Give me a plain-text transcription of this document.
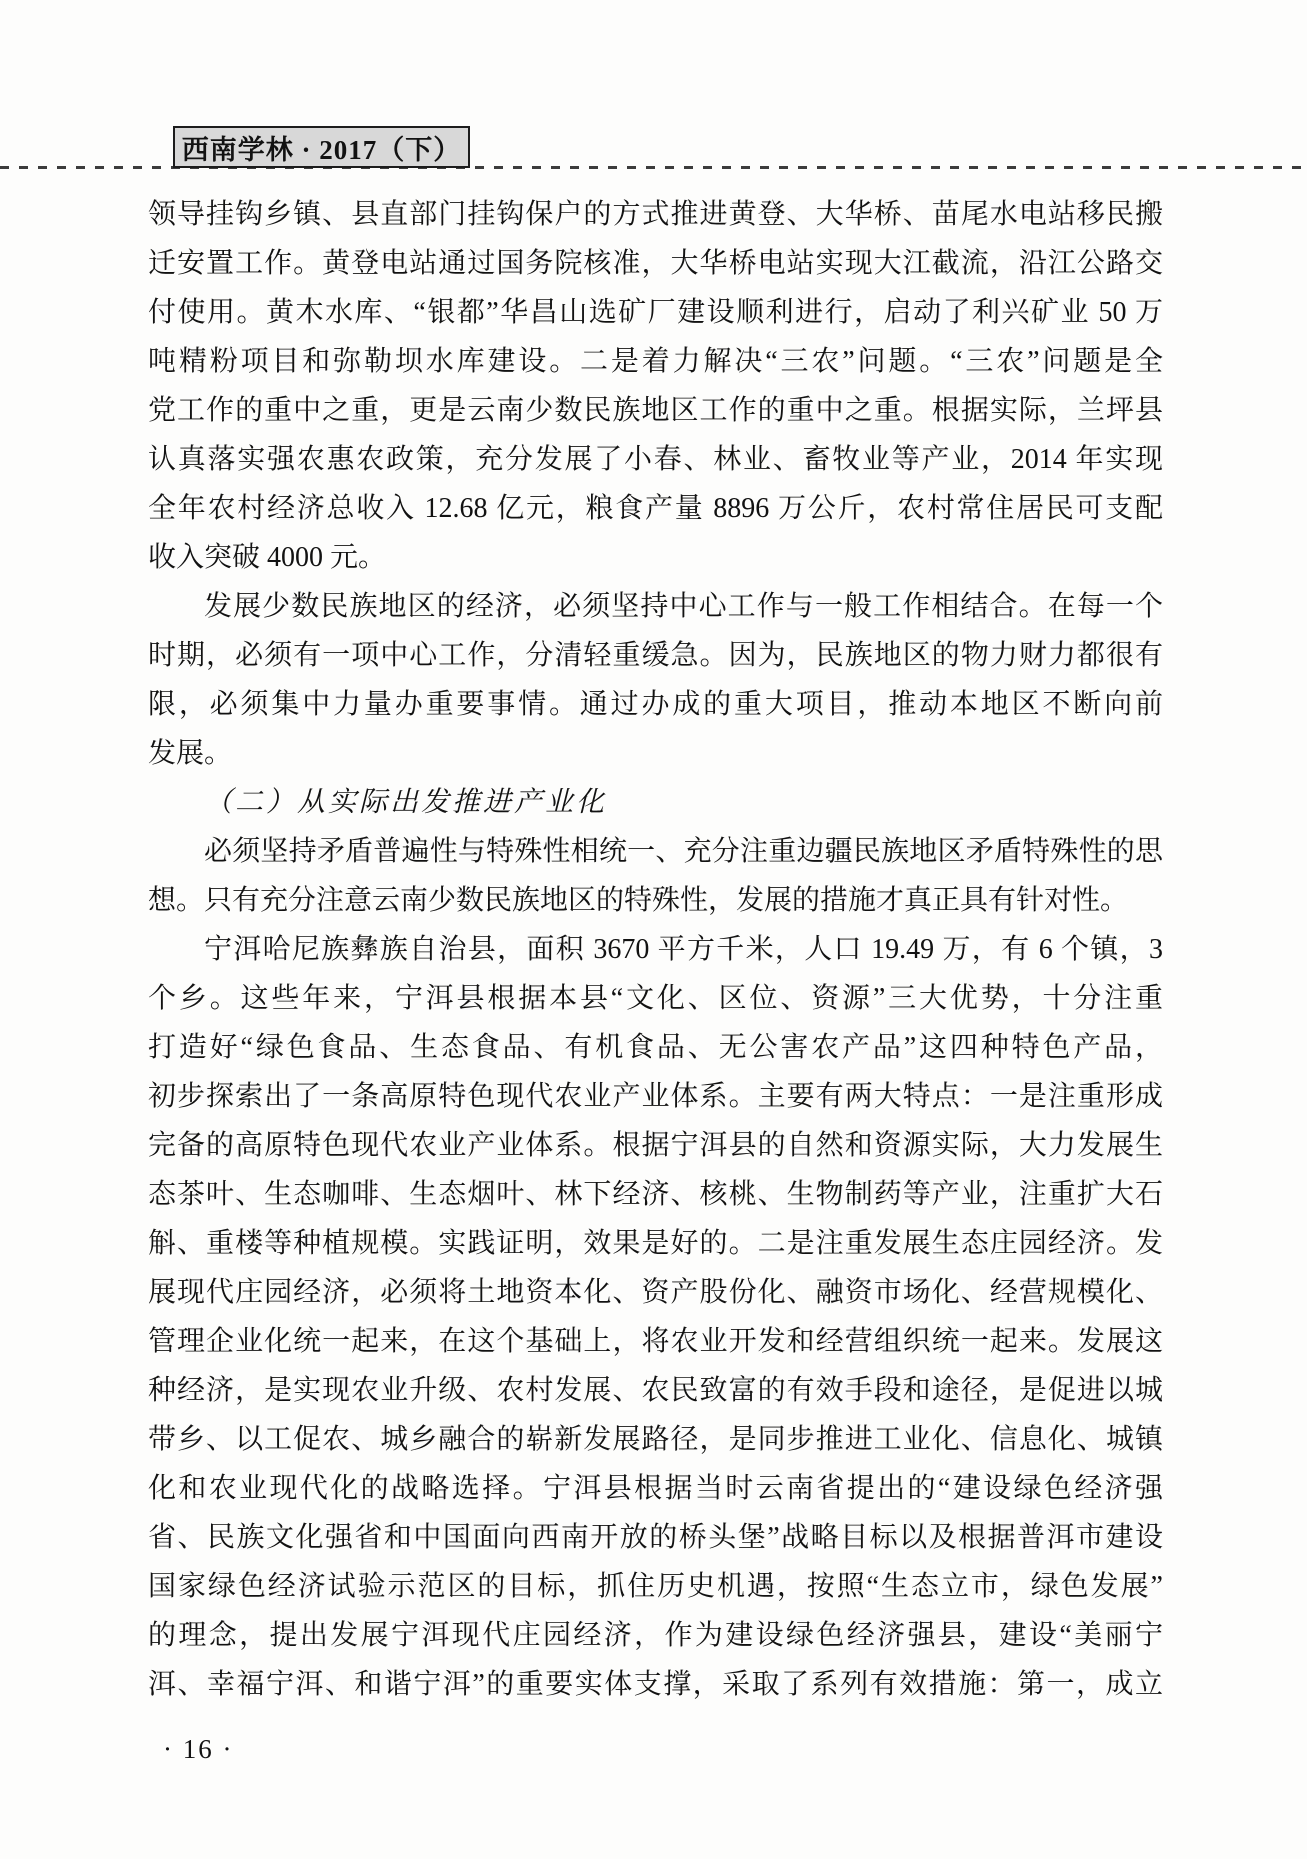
西南学林 · 2017（下）
领导挂钩乡镇、县直部门挂钩保户的方式推进黄登、大华桥、苗尾水电站移民搬
迁安置工作。黄登电站通过国务院核准，大华桥电站实现大江截流，沿江公路交
付使用。黄木水库、“银都”华昌山选矿厂建设顺利进行，启动了利兴矿业 50 万
吨精粉项目和弥勒坝水库建设。二是着力解决“三农”问题。“三农”问题是全
党工作的重中之重，更是云南少数民族地区工作的重中之重。根据实际，兰坪县
认真落实强农惠农政策，充分发展了小春、林业、畜牧业等产业，2014 年实现
全年农村经济总收入 12.68 亿元，粮食产量 8896 万公斤，农村常住居民可支配
收入突破 4000 元。
发展少数民族地区的经济，必须坚持中心工作与一般工作相结合。在每一个
时期，必须有一项中心工作，分清轻重缓急。因为，民族地区的物力财力都很有
限，必须集中力量办重要事情。通过办成的重大项目，推动本地区不断向前
发展。
（二）从实际出发推进产业化
必须坚持矛盾普遍性与特殊性相统一、充分注重边疆民族地区矛盾特殊性的思
想。只有充分注意云南少数民族地区的特殊性，发展的措施才真正具有针对性。
宁洱哈尼族彝族自治县，面积 3670 平方千米，人口 19.49 万，有 6 个镇，3
个乡。这些年来，宁洱县根据本县“文化、区位、资源”三大优势，十分注重
打造好“绿色食品、生态食品、有机食品、无公害农产品”这四种特色产品，
初步探索出了一条高原特色现代农业产业体系。主要有两大特点：一是注重形成
完备的高原特色现代农业产业体系。根据宁洱县的自然和资源实际，大力发展生
态茶叶、生态咖啡、生态烟叶、林下经济、核桃、生物制药等产业，注重扩大石
斛、重楼等种植规模。实践证明，效果是好的。二是注重发展生态庄园经济。发
展现代庄园经济，必须将土地资本化、资产股份化、融资市场化、经营规模化、
管理企业化统一起来，在这个基础上，将农业开发和经营组织统一起来。发展这
种经济，是实现农业升级、农村发展、农民致富的有效手段和途径，是促进以城
带乡、以工促农、城乡融合的崭新发展路径，是同步推进工业化、信息化、城镇
化和农业现代化的战略选择。宁洱县根据当时云南省提出的“建设绿色经济强
省、民族文化强省和中国面向西南开放的桥头堡”战略目标以及根据普洱市建设
国家绿色经济试验示范区的目标，抓住历史机遇，按照“生态立市，绿色发展”
的理念，提出发展宁洱现代庄园经济，作为建设绿色经济强县，建设“美丽宁
洱、幸福宁洱、和谐宁洱”的重要实体支撑，采取了系列有效措施：第一，成立
· 16 ·
